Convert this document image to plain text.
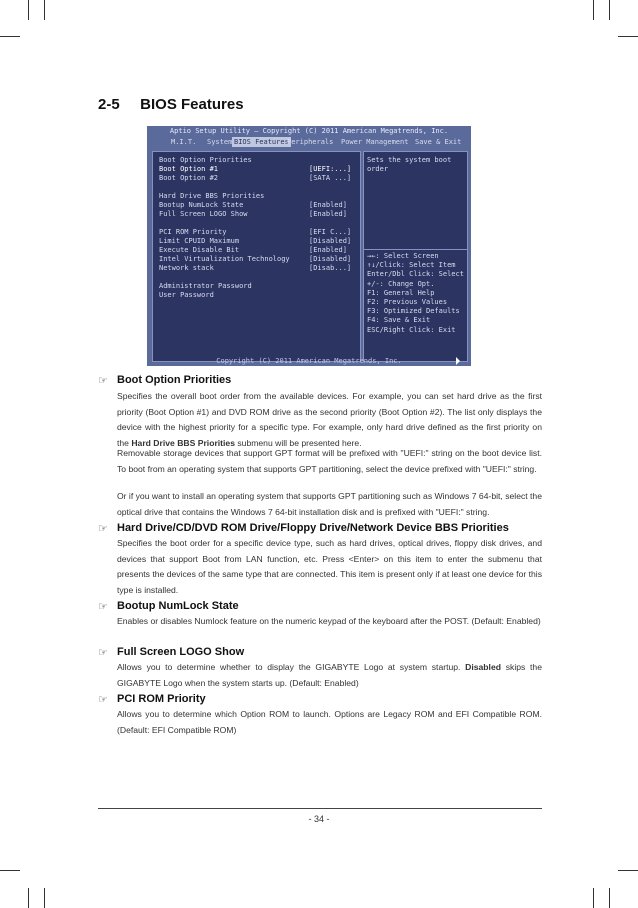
2-5 BIOS Features
Aptio Setup Utility – Copyright (C) 2011 American Megatrends, Inc.
M.I.T. System BIOS Features
Peripherals Power Management Save & Exit
Boot Option Priorities
Boot Option #1	[UEFI:...]
Boot Option #2	[SATA ...]
Hard Drive BBS Priorities
Bootup NumLock State	[Enabled]
Full Screen LOGO Show	[Enabled]
PCI ROM Priority	[EFI C...]
Limit CPUID Maximum	[Disabled]
Execute Disable Bit	[Enabled]
Intel Virtualization Technology	[Disabled]
Network stack	[Disab...]
Administrator Password
User Password
Sets the system boot order
→←: Select Screen
↑↓/Click: Select Item
Enter/Dbl Click: Select
+/-: Change Opt.
F1: General Help
F2: Previous Values
F3: Optimized Defaults
F4: Save & Exit
ESC/Right Click: Exit
Copyright (C) 2011 American Megatrends, Inc.
☞ Boot Option Priorities
Specifies the overall boot order from the available devices. For example, you can set hard drive as the first priority (Boot Option #1) and DVD ROM drive as the second priority (Boot Option #2). The list only displays the device with the highest priority for a specific type. For example, only hard drive defined as the first priority on the Hard Drive BBS Priorities submenu will be presented here.
Removable storage devices that support GPT format will be prefixed with "UEFI:" string on the boot device list. To boot from an operating system that supports GPT partitioning, select the device prefixed with "UEFI:" string.
Or if you want to install an operating system that supports GPT partitioning such as Windows 7 64-bit, select the optical drive that contains the Windows 7 64-bit installation disk and is prefixed with "UEFI:" string.
☞ Hard Drive/CD/DVD ROM Drive/Floppy Drive/Network Device BBS Priorities
Specifies the boot order for a specific device type, such as hard drives, optical drives, floppy disk drives, and devices that support Boot from LAN function, etc. Press <Enter> on this item to enter the submenu that presents the devices of the same type that are connected. This item is present only if at least one device for this type is installed.
☞ Bootup NumLock State
Enables or disables Numlock feature on the numeric keypad of the keyboard after the POST. (Default: Enabled)
☞ Full Screen LOGO Show
Allows you to determine whether to display the GIGABYTE Logo at system startup. Disabled skips the GIGABYTE Logo when the system starts up. (Default: Enabled)
☞ PCI ROM Priority
Allows you to determine which Option ROM to launch. Options are Legacy ROM and EFI Compatible ROM. (Default: EFI Compatible ROM)
- 34 -
